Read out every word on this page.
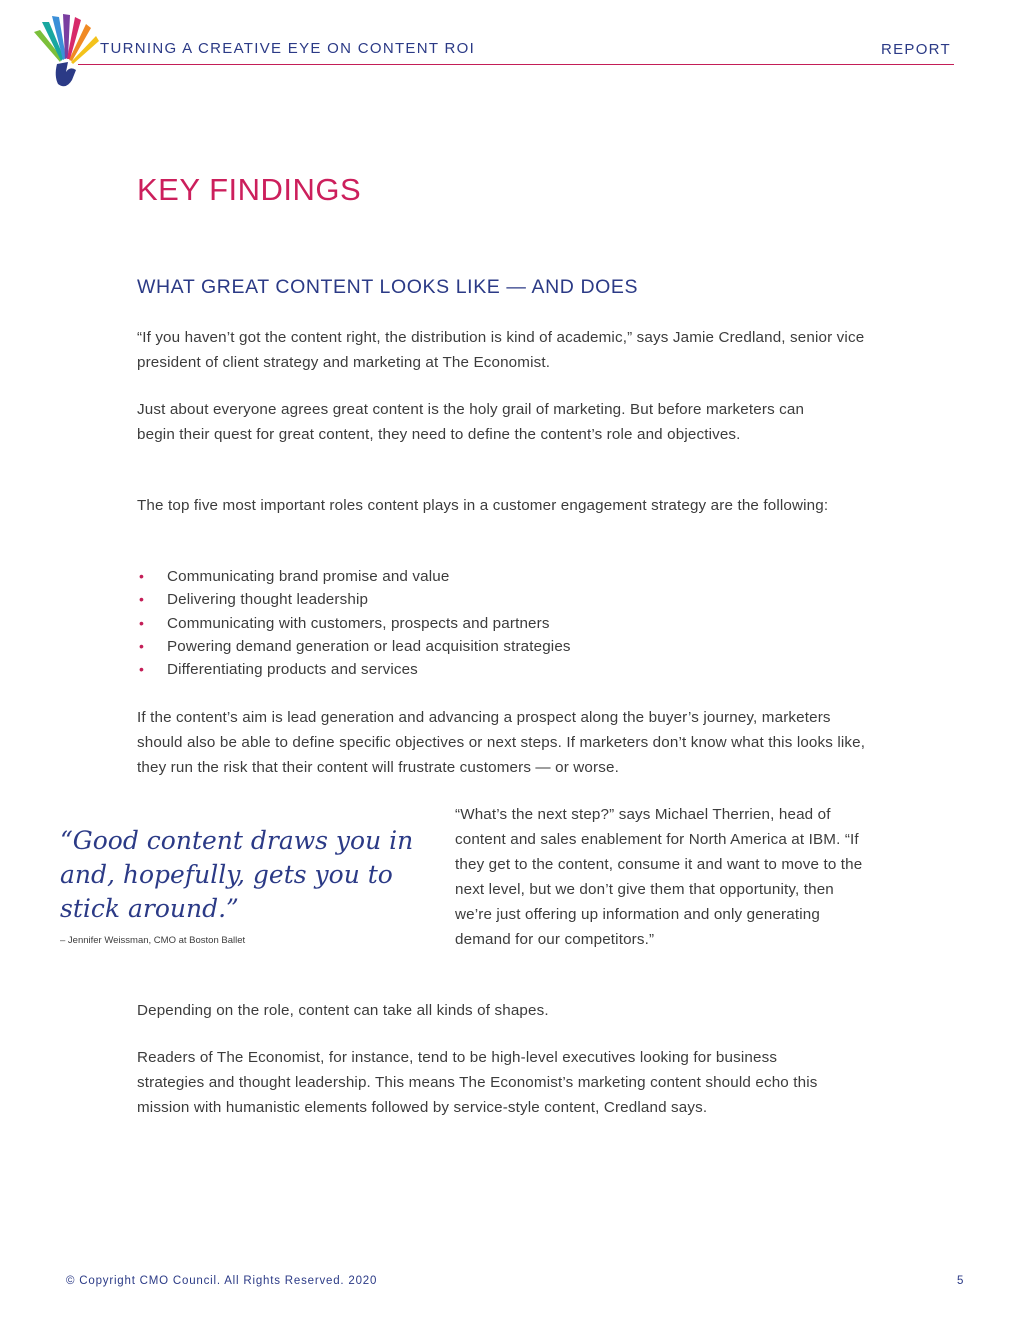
TURNING A CREATIVE EYE ON CONTENT ROI	REPORT
KEY FINDINGS
WHAT GREAT CONTENT LOOKS LIKE — AND DOES

“If you haven’t got the content right, the distribution is kind of academic,” says Jamie Credland, senior vice president of client strategy and marketing at The Economist.

Just about everyone agrees great content is the holy grail of marketing. But before marketers can begin their quest for great content, they need to define the content’s role and objectives.

The top five most important roles content plays in a customer engagement strategy are the following:

• Communicating brand promise and value
• Delivering thought leadership
• Communicating with customers, prospects and partners
• Powering demand generation or lead acquisition strategies
• Differentiating products and services

If the content’s aim is lead generation and advancing a prospect along the buyer’s journey, marketers should also be able to define specific objectives or next steps. If marketers don’t know what this looks like, they run the risk that their content will frustrate customers — or worse.

“Good content draws you in and, hopefully, gets you to stick around.”

– Jennifer Weissman, CMO at Boston Ballet

“What’s the next step?” says Michael Therrien, head of content and sales enablement for North America at IBM. “If they get to the content, consume it and want to move to the next level, but we don’t give them that opportunity, then we’re just offering up information and only generating demand for our competitors.”

Depending on the role, content can take all kinds of shapes.

Readers of The Economist, for instance, tend to be high-level executives looking for business strategies and thought leadership. This means The Economist’s marketing content should echo this mission with humanistic elements followed by service-style content, Credland says.

© Copyright CMO Council. All Rights Reserved. 2020	5
